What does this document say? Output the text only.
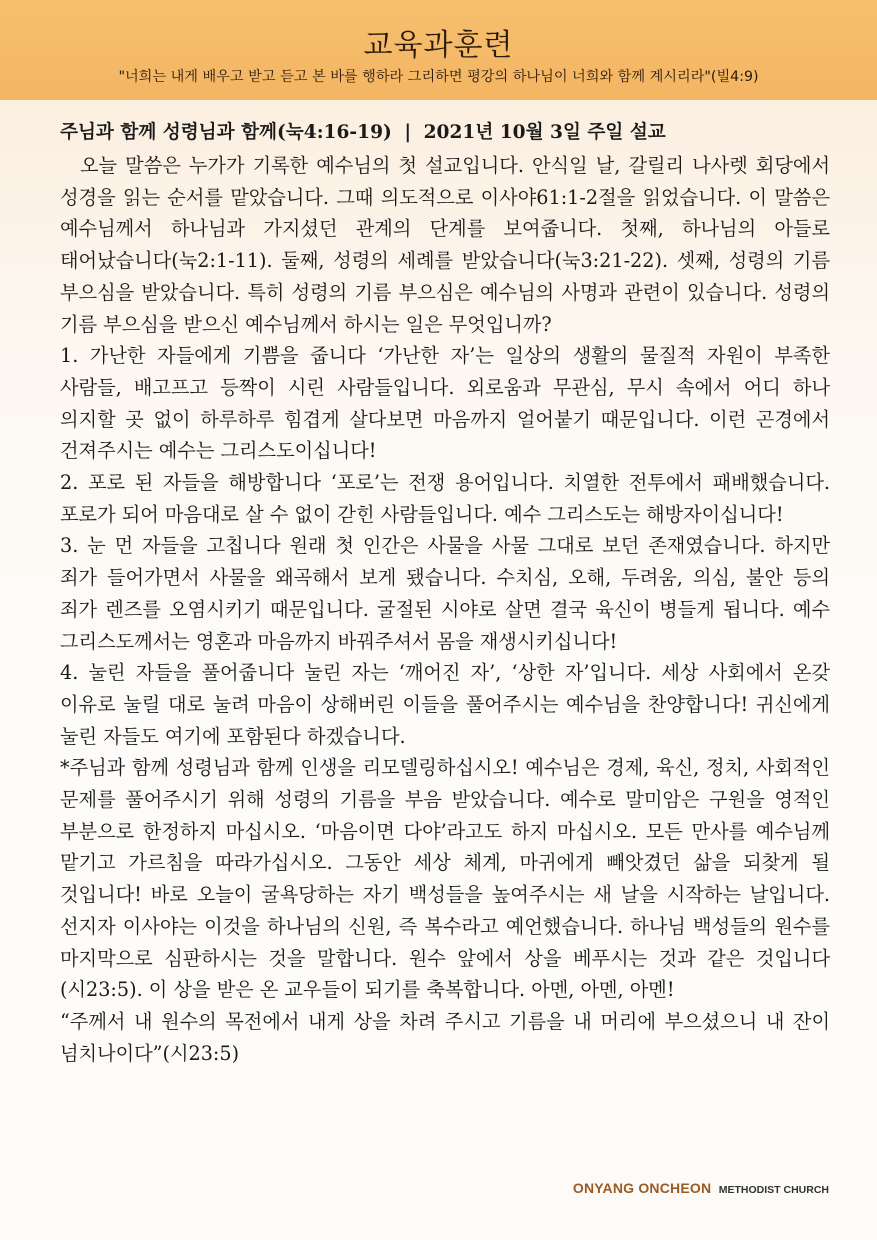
교육과훈련
"너희는 내게 배우고 받고 듣고 본 바를 행하라 그리하면 평강의 하나님이 너희와 함께 계시리라"(빌4:9)
주님과 함께 성령님과 함께(눅4:16-19) | 2021년 10월 3일 주일 설교

오늘 말씀은 누가가 기록한 예수님의 첫 설교입니다. 안식일 날, 갈릴리 나사렛 회당에서 성경을 읽는 순서를 맡았습니다. 그때 의도적으로 이사야61:1-2절을 읽었습니다. 이 말씀은 예수님께서 하나님과 가지셨던 관계의 단계를 보여줍니다. 첫째, 하나님의 아들로 태어났습니다(눅2:1-11). 둘째, 성령의 세례를 받았습니다(눅3:21-22). 셋째, 성령의 기름 부으심을 받았습니다. 특히 성령의 기름 부으심은 예수님의 사명과 관련이 있습니다. 성령의 기름 부으심을 받으신 예수님께서 하시는 일은 무엇입니까?

1. 가난한 자들에게 기쁨을 줍니다 ‘가난한 자’는 일상의 생활의 물질적 자원이 부족한 사람들, 배고프고 등짝이 시린 사람들입니다. 외로움과 무관심, 무시 속에서 어디 하나 의지할 곳 없이 하루하루 힘겹게 살다보면 마음까지 얼어붙기 때문입니다. 이런 곤경에서 건져주시는 예수는 그리스도이십니다!

2. 포로 된 자들을 해방합니다 ‘포로’는 전쟁 용어입니다. 치열한 전투에서 패배했습니다. 포로가 되어 마음대로 살 수 없이 갇힌 사람들입니다. 예수 그리스도는 해방자이십니다!

3. 눈 먼 자들을 고칩니다 원래 첫 인간은 사물을 사물 그대로 보던 존재였습니다. 하지만 죄가 들어가면서 사물을 왜곡해서 보게 됐습니다. 수치심, 오해, 두려움, 의심, 불안 등의 죄가 렌즈를 오염시키기 때문입니다. 굴절된 시야로 살면 결국 육신이 병들게 됩니다. 예수 그리스도께서는 영혼과 마음까지 바꿔주셔서 몸을 재생시키십니다!

4. 눌린 자들을 풀어줍니다 눌린 자는 ‘깨어진 자’, ‘상한 자’입니다. 세상 사회에서 온갖 이유로 눌릴 대로 눌려 마음이 상해버린 이들을 풀어주시는 예수님을 찬양합니다! 귀신에게 눌린 자들도 여기에 포함된다 하겠습니다.

*주님과 함께 성령님과 함께 인생을 리모델링하십시오! 예수님은 경제, 육신, 정치, 사회적인 문제를 풀어주시기 위해 성령의 기름을 부음 받았습니다. 예수로 말미암은 구원을 영적인 부분으로 한정하지 마십시오. ‘마음이면 다야’라고도 하지 마십시오. 모든 만사를 예수님께 맡기고 가르침을 따라가십시오. 그동안 세상 체계, 마귀에게 빼앗겼던 삶을 되찾게 될 것입니다! 바로 오늘이 굴욕당하는 자기 백성들을 높여주시는 새 날을 시작하는 날입니다. 선지자 이사야는 이것을 하나님의 신원, 즉 복수라고 예언했습니다. 하나님 백성들의 원수를 마지막으로 심판하시는 것을 말합니다. 원수 앞에서 상을 베푸시는 것과 같은 것입니다(시23:5). 이 상을 받은 온 교우들이 되기를 축복합니다. 아멘, 아멘, 아멘!

“주께서 내 원수의 목전에서 내게 상을 차려 주시고 기름을 내 머리에 부으셨으니 내 잔이 넘치나이다”(시23:5)

ONYANG ONCHEON METHODIST CHURCH
